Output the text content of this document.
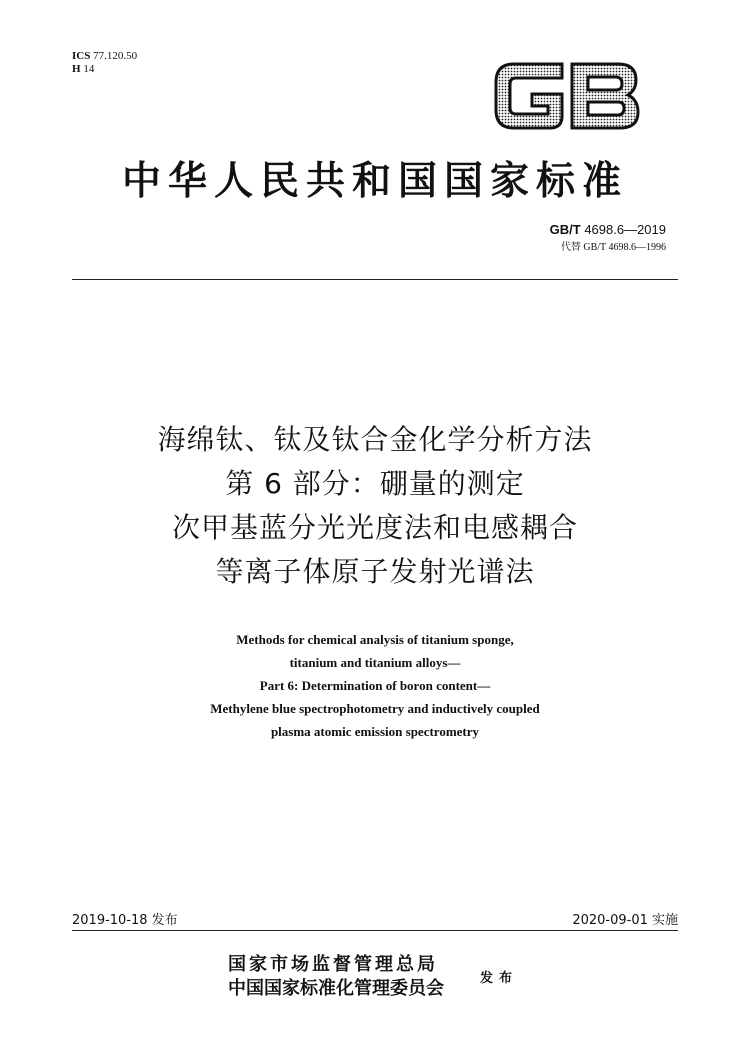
ICS 77.120.50
H 14
中华人民共和国国家标准
GB/T 4698.6—2019
代替 GB/T 4698.6—1996
海绵钛、钛及钛合金化学分析方法
第 6 部分：硼量的测定
次甲基蓝分光光度法和电感耦合
等离子体原子发射光谱法
Methods for chemical analysis of titanium sponge,
titanium and titanium alloys—
Part 6: Determination of boron content—
Methylene blue spectrophotometry and inductively coupled
plasma atomic emission spectrometry
2019-10-18 发布	2020-09-01 实施
国家市场监督管理总局
中国国家标准化管理委员会	发布
